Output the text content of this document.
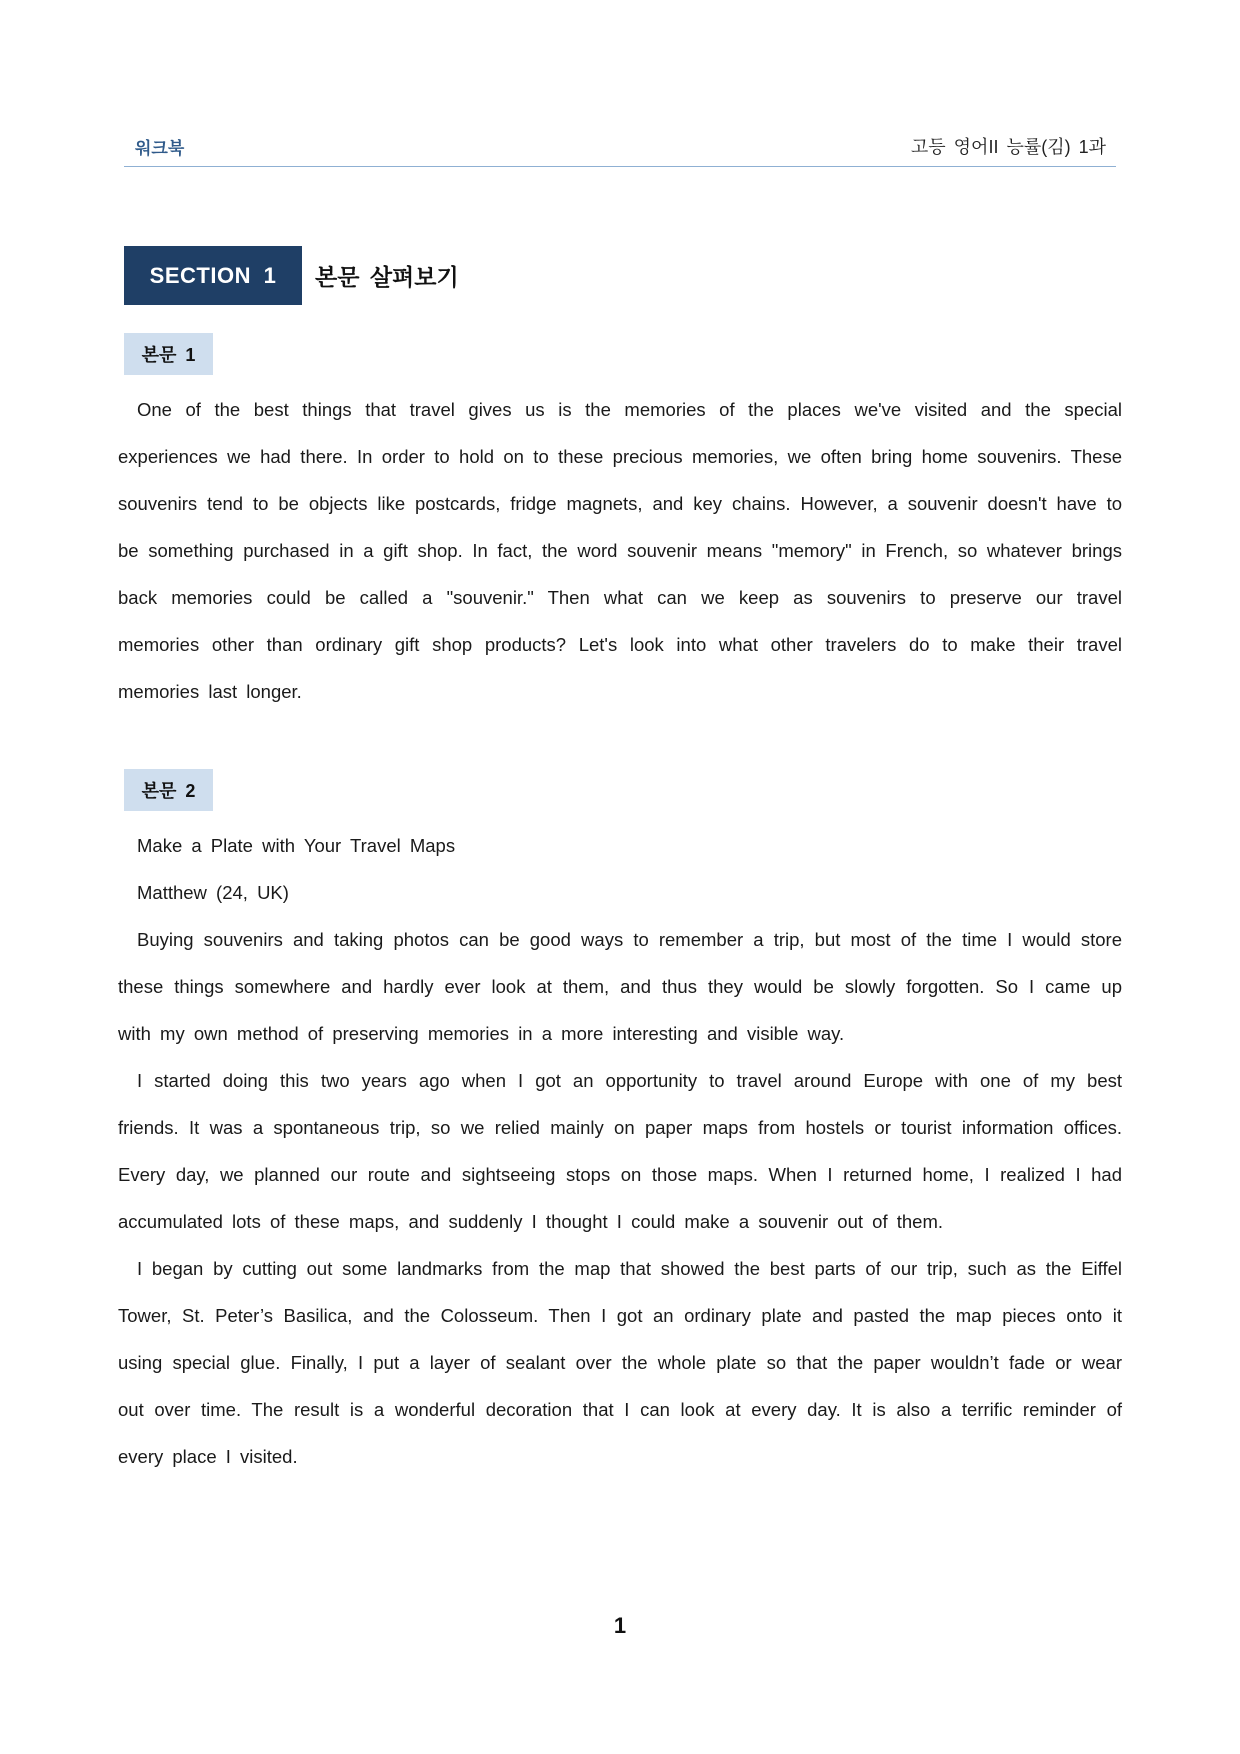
워크북	고등 영어II 능률(김) 1과
SECTION 1	본문 살펴보기
본문 1

One of the best things that travel gives us is the memories of the places we've visited and the special experiences we had there. In order to hold on to these precious memories, we often bring home souvenirs. These souvenirs tend to be objects like postcards, fridge magnets, and key chains. However, a souvenir doesn't have to be something purchased in a gift shop. In fact, the word souvenir means "memory" in French, so whatever brings back memories could be called a "souvenir." Then what can we keep as souvenirs to preserve our travel memories other than ordinary gift shop products? Let's look into what other travelers do to make their travel memories last longer.

본문 2

Make a Plate with Your Travel Maps

Matthew (24, UK)

Buying souvenirs and taking photos can be good ways to remember a trip, but most of the time I would store these things somewhere and hardly ever look at them, and thus they would be slowly forgotten. So I came up with my own method of preserving memories in a more interesting and visible way.

I started doing this two years ago when I got an opportunity to travel around Europe with one of my best friends. It was a spontaneous trip, so we relied mainly on paper maps from hostels or tourist information offices. Every day, we planned our route and sightseeing stops on those maps. When I returned home, I realized I had accumulated lots of these maps, and suddenly I thought I could make a souvenir out of them.

I began by cutting out some landmarks from the map that showed the best parts of our trip, such as the Eiffel Tower, St. Peter’s Basilica, and the Colosseum. Then I got an ordinary plate and pasted the map pieces onto it using special glue. Finally, I put a layer of sealant over the whole plate so that the paper wouldn’t fade or wear out over time. The result is a wonderful decoration that I can look at every day. It is also a terrific reminder of every place I visited.

1
